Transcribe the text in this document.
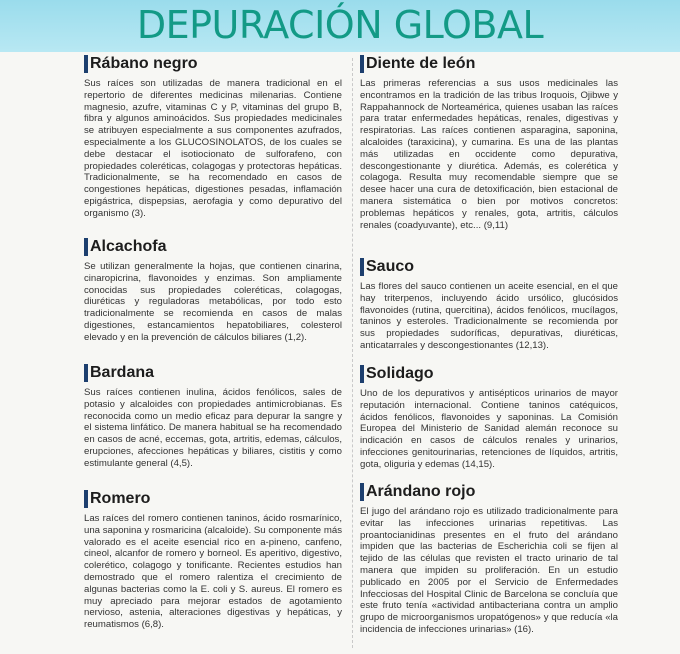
DEPURACIÓN GLOBAL
Rábano negro

Sus raíces son utilizadas de manera tradicional en el repertorio de diferentes medicinas milenarias. Contiene magnesio, azufre, vitaminas C y P, vitaminas del grupo B, fibra y algunos aminoácidos. Sus propiedades medicinales se atribuyen especialmente a sus componentes azufrados, especialmente a los GLUCOSINOLATOS, de los cuales se debe destacar el isotiocionato de sulforafeno, con propiedades coleréticas, colagogas y protectoras hepáticas. Tradicionalmente, se ha recomendado en casos de congestiones hepáticas, digestiones pesadas, inflamación epigástrica, dispepsias, aerofagia y como depurativo del organismo (3).

Alcachofa

Se utilizan generalmente la hojas, que contienen cinarina, cinaropicrina, flavonoides y enzimas. Son ampliamente conocidas sus propiedades coleréticas, colagogas, diuréticas y reguladoras metabólicas, por todo esto tradicionalmente se recomienda en casos de malas digestiones, estancamientos hepatobiliares, colesterol elevado y en la prevención de cálculos biliares (1,2).

Bardana

Sus raíces contienen inulina, ácidos fenólicos, sales de potasio y alcaloides con propiedades antimicrobianas. Es reconocida como un medio eficaz para depurar la sangre y el sistema linfático. De manera habitual se ha recomendado en casos de acné, eccemas, gota, artritis, edemas, cálculos, erupciones, afecciones hepáticas y biliares, cistitis y como estimulante general (4,5).

Romero

Las raíces del romero contienen taninos, ácido rosmarínico, una saponina y rosmaricina (alcaloide). Su componente más valorado es el aceite esencial rico en a-pineno, canfeno, cineol, alcanfor de romero y borneol. Es aperitivo, digestivo, colerético, colagogo y tonificante. Recientes estudios han demostrado que el romero ralentiza el crecimiento de algunas bacterias como la E. coli y S. aureus. El romero es muy apreciado para mejorar estados de agotamiento nervioso, astenia, alteraciones digestivas y hepáticas, y reumatismos (6,8).

Diente de león

Las primeras referencias a sus usos medicinales las encontramos en la tradición de las tribus Iroquois, Ojibwe y Rappahannock de Norteamérica, quienes usaban las raíces para tratar enfermedades hepáticas, renales, digestivas y respiratorias. Las raíces contienen asparagina, saponina, alcaloides (taraxicina), y cumarina. Es una de las plantas más utilizadas en occidente como depurativa, descongestionante y diurética. Además, es colerética y colagoga. Resulta muy recomendable siempre que se desee hacer una cura de detoxificación, bien estacional de manera sistemática o bien por motivos concretos: problemas hepáticos y renales, gota, artritis, cálculos renales (coadyuvante), etc... (9,11)

Sauco

Las flores del sauco contienen un aceite esencial, en el que hay triterpenos, incluyendo ácido ursólico, glucósidos flavonoides (rutina, quercitina), ácidos fenólicos, mucílagos, taninos y esteroles. Tradicionalmente se recomienda por sus propiedades sudoríficas, depurativas, diuréticas, anticatarrales y descongestionantes (12,13).

Solidago

Uno de los depurativos y antisépticos urinarios de mayor reputación internacional. Contiene taninos catéquicos, ácidos fenólicos, flavonoides y saponinas. La Comisión Europea del Ministerio de Sanidad alemán reconoce su indicación en casos de cálculos renales y urinarios, infecciones genitourinarias, retenciones de líquidos, artritis, gota, oliguria y edemas (14,15).

Arándano rojo

El jugo del arándano rojo es utilizado tradicionalmente para evitar las infecciones urinarias repetitivas. Las proantocianidinas presentes en el fruto del arándano impiden que las bacterias de Escherichia coli se fijen al tejido de las células que revisten el tracto urinario de tal manera que impiden su proliferación. En un estudio publicado en 2005 por el Servicio de Enfermedades Infecciosas del Hospital Clinic de Barcelona se concluía que este fruto tenía «actividad antibacteriana contra un amplio grupo de microorganismos uropatógenos» y que reducía «la incidencia de infecciones urinarias» (16).
